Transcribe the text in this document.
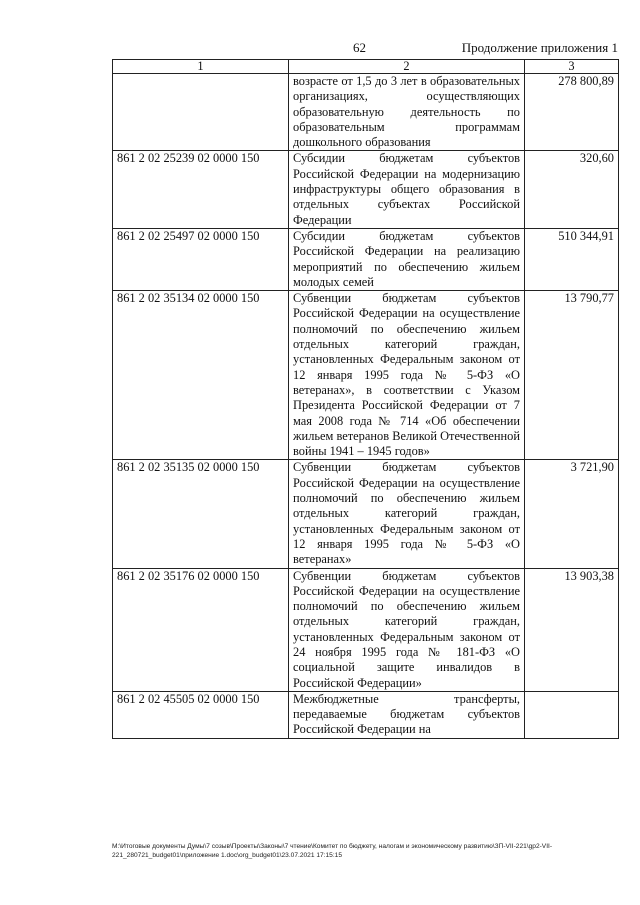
62	Продолжение приложения 1
1	2	3
	возрасте от 1,5 до 3 лет в образовательных организациях, осуществляющих образовательную деятельность по образовательным программам дошкольного образования	278 800,89
861 2 02 25239 02 0000 150	Субсидии бюджетам субъектов Российской Федерации на модернизацию инфраструктуры общего образования в отдельных субъектах Российской Федерации	320,60
861 2 02 25497 02 0000 150	Субсидии бюджетам субъектов Российской Федерации на реализацию мероприятий по обеспечению жильем молодых семей	510 344,91
861 2 02 35134 02 0000 150	Субвенции бюджетам субъектов Российской Федерации на осуществление полномочий по обеспечению жильем отдельных категорий граждан, установленных Федеральным законом от 12 января 1995 года № 5-ФЗ «О ветеранах», в соответствии с Указом Президента Российской Федерации от 7 мая 2008 года № 714 «Об обеспечении жильем ветеранов Великой Отечественной войны 1941 – 1945 годов»	13 790,77
861 2 02 35135 02 0000 150	Субвенции бюджетам субъектов Российской Федерации на осуществление полномочий по обеспечению жильем отдельных категорий граждан, установленных Федеральным законом от 12 января 1995 года № 5-ФЗ «О ветеранах»	3 721,90
861 2 02 35176 02 0000 150	Субвенции бюджетам субъектов Российской Федерации на осуществление полномочий по обеспечению жильем отдельных категорий граждан, установленных Федеральным законом от 24 ноября 1995 года № 181-ФЗ «О социальной защите инвалидов в Российской Федерации»	13 903,38
861 2 02 45505 02 0000 150	Межбюджетные трансферты, передаваемые бюджетам субъектов Российской Федерации на	
M:\Итоговые документы Думы\7 созыв\Проекты\Законы\7 чтение\Комитет по бюджету, налогам и экономическому развитию\ЗП-VII-221\gp2-VII-221_280721_budget01\приложение 1.doc\org_budget01\23.07.2021 17:15:15
